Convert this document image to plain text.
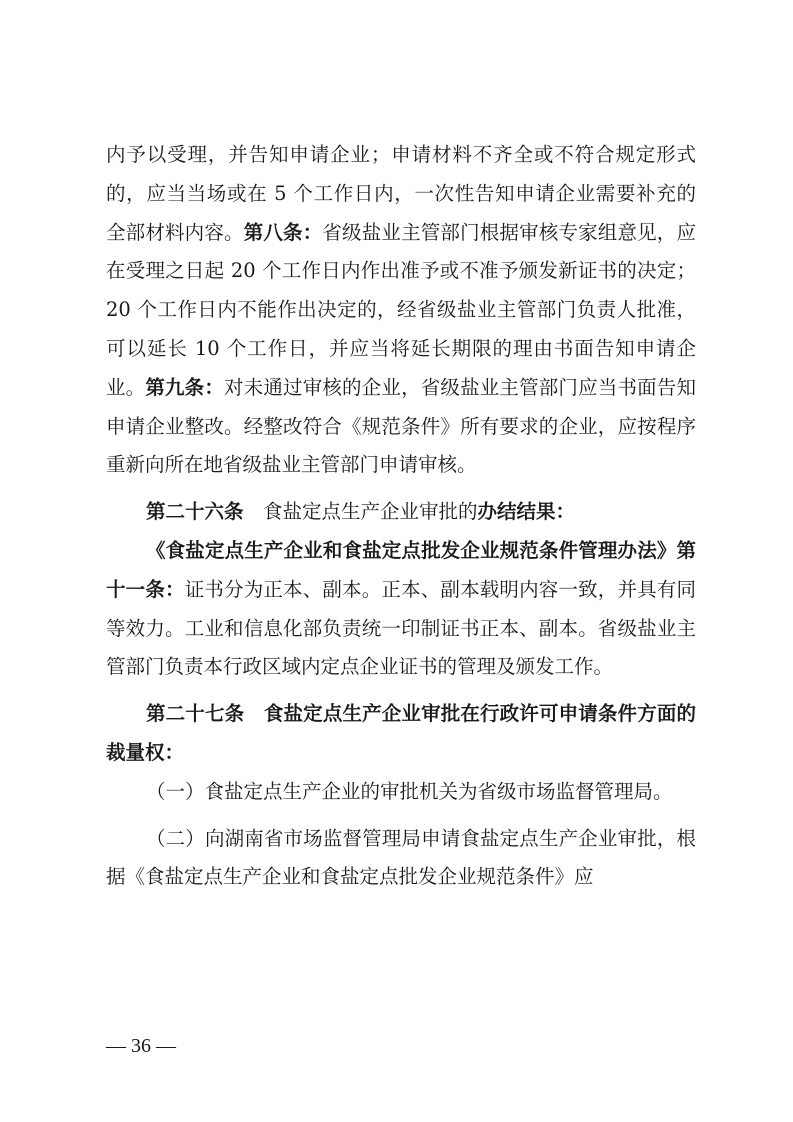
内予以受理，并告知申请企业；申请材料不齐全或不符合规定形式的，应当当场或在 5 个工作日内，一次性告知申请企业需要补充的全部材料内容。第八条：省级盐业主管部门根据审核专家组意见，应在受理之日起 20 个工作日内作出准予或不准予颁发新证书的决定；20 个工作日内不能作出决定的，经省级盐业主管部门负责人批准，可以延长 10 个工作日，并应当将延长期限的理由书面告知申请企业。第九条：对未通过审核的企业，省级盐业主管部门应当书面告知申请企业整改。经整改符合《规范条件》所有要求的企业，应按程序重新向所在地省级盐业主管部门申请审核。

第二十六条　食盐定点生产企业审批的办结结果：

《食盐定点生产企业和食盐定点批发企业规范条件管理办法》第十一条：证书分为正本、副本。正本、副本载明内容一致，并具有同等效力。工业和信息化部负责统一印制证书正本、副本。省级盐业主管部门负责本行政区域内定点企业证书的管理及颁发工作。

第二十七条　食盐定点生产企业审批在行政许可申请条件方面的裁量权：

（一）食盐定点生产企业的审批机关为省级市场监督管理局。

（二）向湖南省市场监督管理局申请食盐定点生产企业审批，根据《食盐定点生产企业和食盐定点批发企业规范条件》应

— 36 —
